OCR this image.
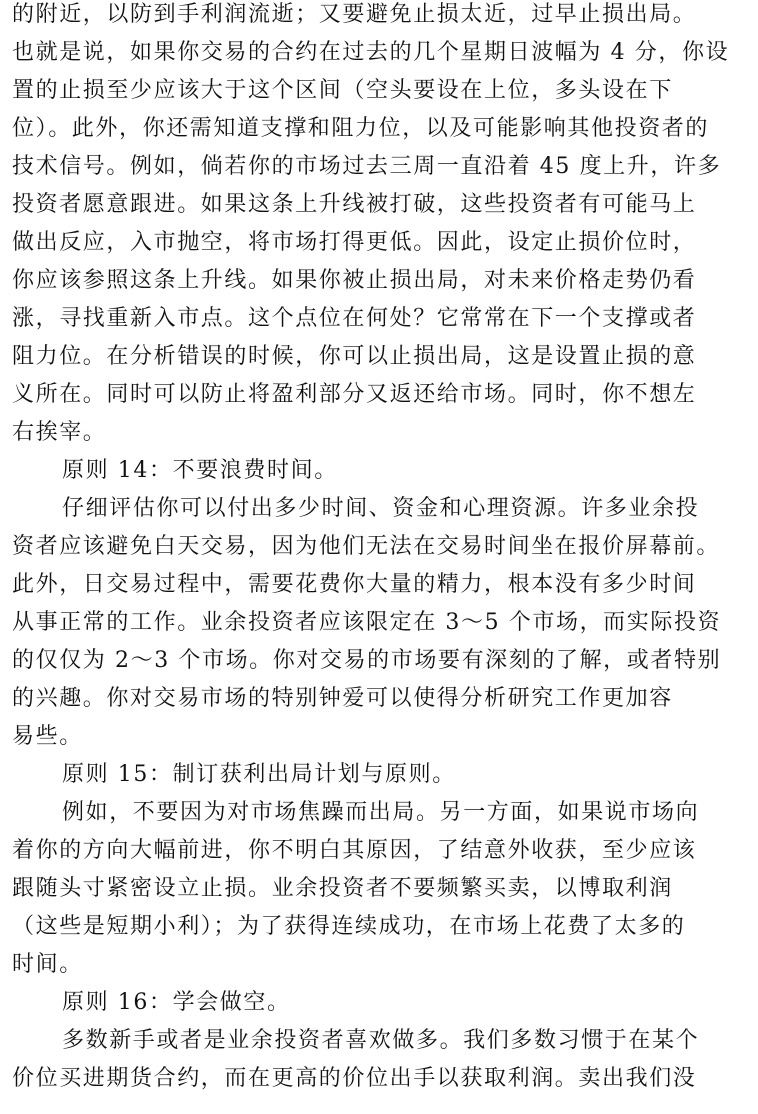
的附近，以防到手利润流逝；又要避免止损太近，过早止损出局。
也就是说，如果你交易的合约在过去的几个星期日波幅为 4 分，你设
置的止损至少应该大于这个区间（空头要设在上位，多头设在下
位）。此外，你还需知道支撑和阻力位，以及可能影响其他投资者的
技术信号。例如，倘若你的市场过去三周一直沿着 45 度上升，许多
投资者愿意跟进。如果这条上升线被打破，这些投资者有可能马上
做出反应，入市抛空，将市场打得更低。因此，设定止损价位时，
你应该参照这条上升线。如果你被止损出局，对未来价格走势仍看
涨，寻找重新入市点。这个点位在何处？它常常在下一个支撑或者
阻力位。在分析错误的时候，你可以止损出局，这是设置止损的意
义所在。同时可以防止将盈利部分又返还给市场。同时，你不想左
右挨宰。
原则 14：不要浪费时间。
仔细评估你可以付出多少时间、资金和心理资源。许多业余投
资者应该避免白天交易，因为他们无法在交易时间坐在报价屏幕前。
此外，日交易过程中，需要花费你大量的精力，根本没有多少时间
从事正常的工作。业余投资者应该限定在 3～5 个市场，而实际投资
的仅仅为 2～3 个市场。你对交易的市场要有深刻的了解，或者特别
的兴趣。你对交易市场的特别钟爱可以使得分析研究工作更加容
易些。
原则 15：制订获利出局计划与原则。
例如，不要因为对市场焦躁而出局。另一方面，如果说市场向
着你的方向大幅前进，你不明白其原因，了结意外收获，至少应该
跟随头寸紧密设立止损。业余投资者不要频繁买卖，以博取利润
（这些是短期小利）；为了获得连续成功，在市场上花费了太多的
时间。
原则 16：学会做空。
多数新手或者是业余投资者喜欢做多。我们多数习惯于在某个
价位买进期货合约，而在更高的价位出手以获取利润。卖出我们没
